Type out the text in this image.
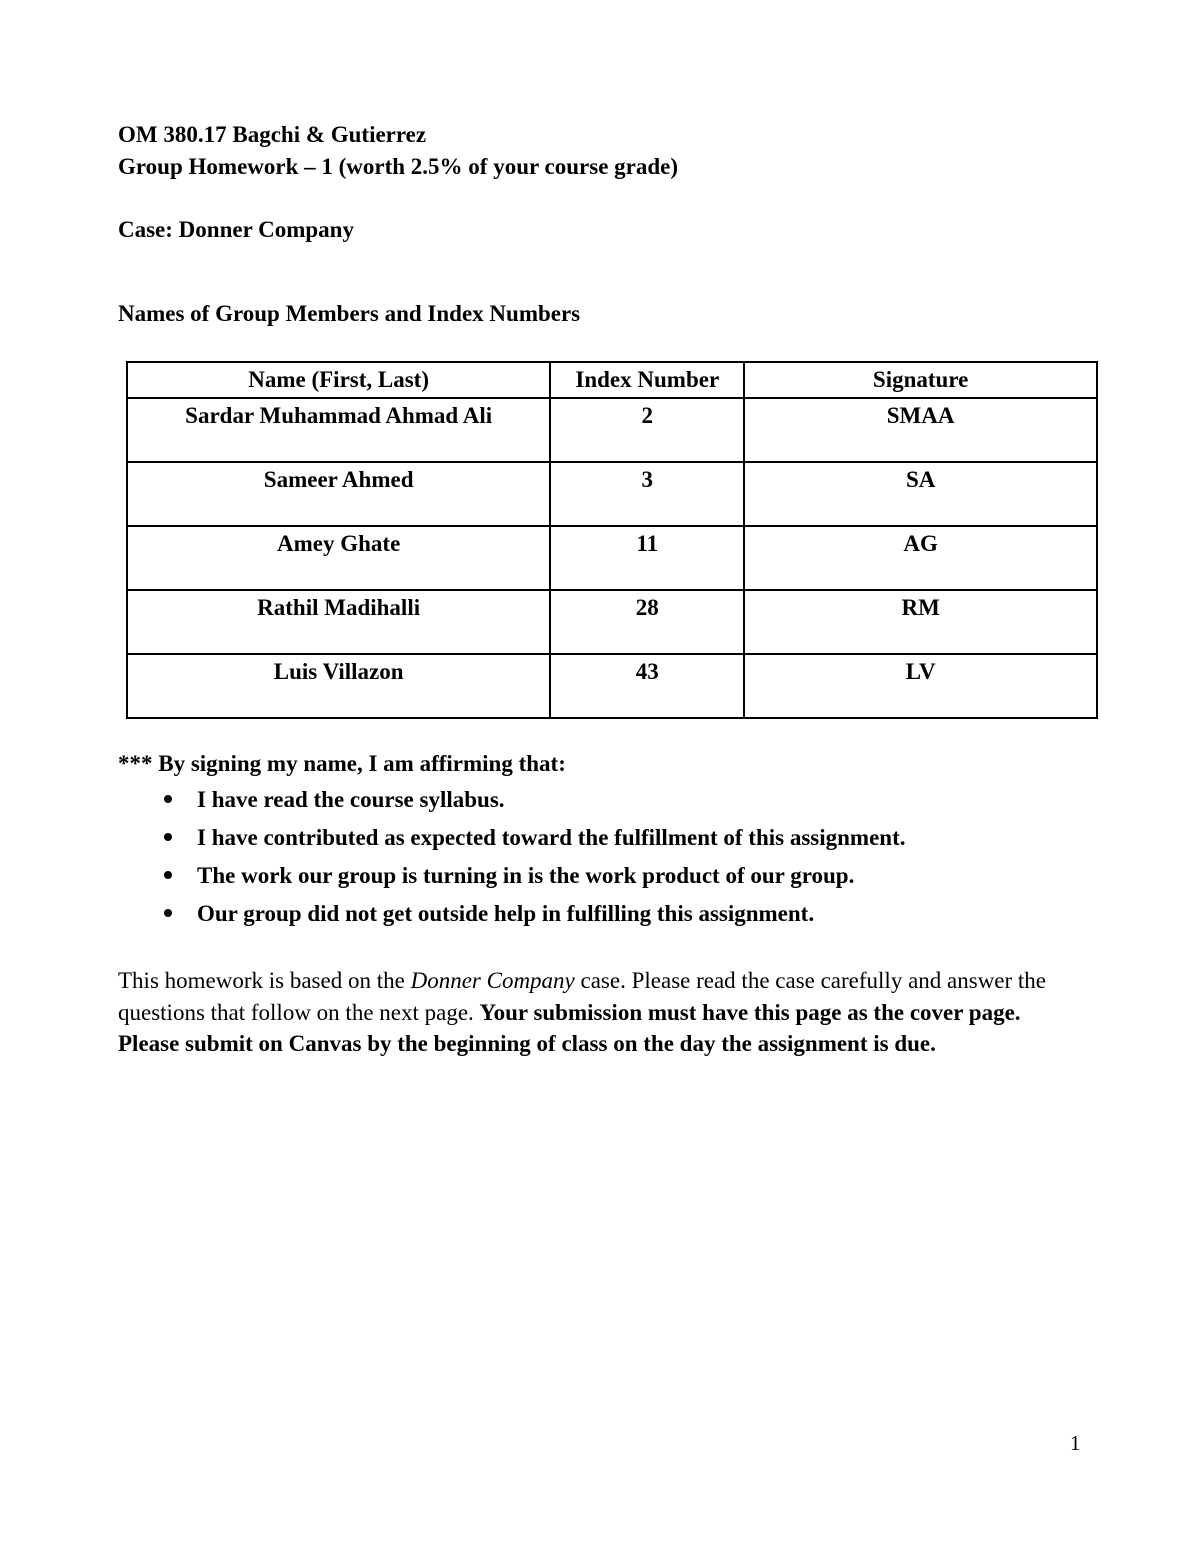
OM 380.17 Bagchi & Gutierrez
Group Homework – 1 (worth 2.5% of your course grade)
Case: Donner Company
Names of Group Members and Index Numbers
Name (First, Last)	Index Number	Signature
Sardar Muhammad Ahmad Ali	2	SMAA
Sameer Ahmed	3	SA
Amey Ghate	11	AG
Rathil Madihalli	28	RM
Luis Villazon	43	LV
*** By signing my name, I am affirming that:
I have read the course syllabus.
I have contributed as expected toward the fulfillment of this assignment.
The work our group is turning in is the work product of our group.
Our group did not get outside help in fulfilling this assignment.
This homework is based on the Donner Company case. Please read the case carefully and answer the questions that follow on the next page. Your submission must have this page as the cover page. Please submit on Canvas by the beginning of class on the day the assignment is due.
1
